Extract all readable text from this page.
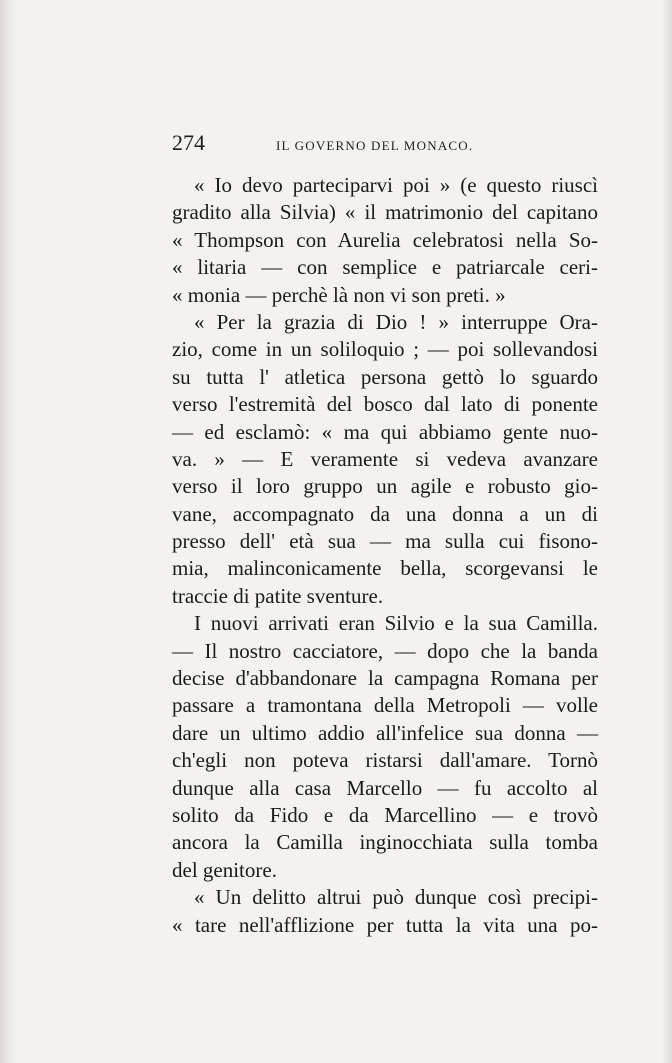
274	IL GOVERNO DEL MONACO.
« Io devo parteciparvi poi » (e questo riuscì
gradito alla Silvia) « il matrimonio del capitano
« Thompson con Aurelia celebratosi nella So-
« litaria — con semplice e patriarcale ceri-
« monia — perchè là non vi son preti. »
« Per la grazia di Dio ! » interruppe Ora-
zio, come in un soliloquio ; — poi sollevandosi
su tutta l' atletica persona gettò lo sguardo
verso l'estremità del bosco dal lato di ponente
— ed esclamò: « ma qui abbiamo gente nuo-
va. » — E veramente si vedeva avanzare
verso il loro gruppo un agile e robusto gio-
vane, accompagnato da una donna a un di
presso dell' età sua — ma sulla cui fisono-
mia, malinconicamente bella, scorgevansi le
traccie di patite sventure.
I nuovi arrivati eran Silvio e la sua Camilla.
— Il nostro cacciatore, — dopo che la banda
decise d'abbandonare la campagna Romana per
passare a tramontana della Metropoli — volle
dare un ultimo addio all'infelice sua donna —
ch'egli non poteva ristarsi dall'amare. Tornò
dunque alla casa Marcello — fu accolto al
solito da Fido e da Marcellino — e trovò
ancora la Camilla inginocchiata sulla tomba
del genitore.
« Un delitto altrui può dunque così precipi-
« tare nell'afflizione per tutta la vita una po-
